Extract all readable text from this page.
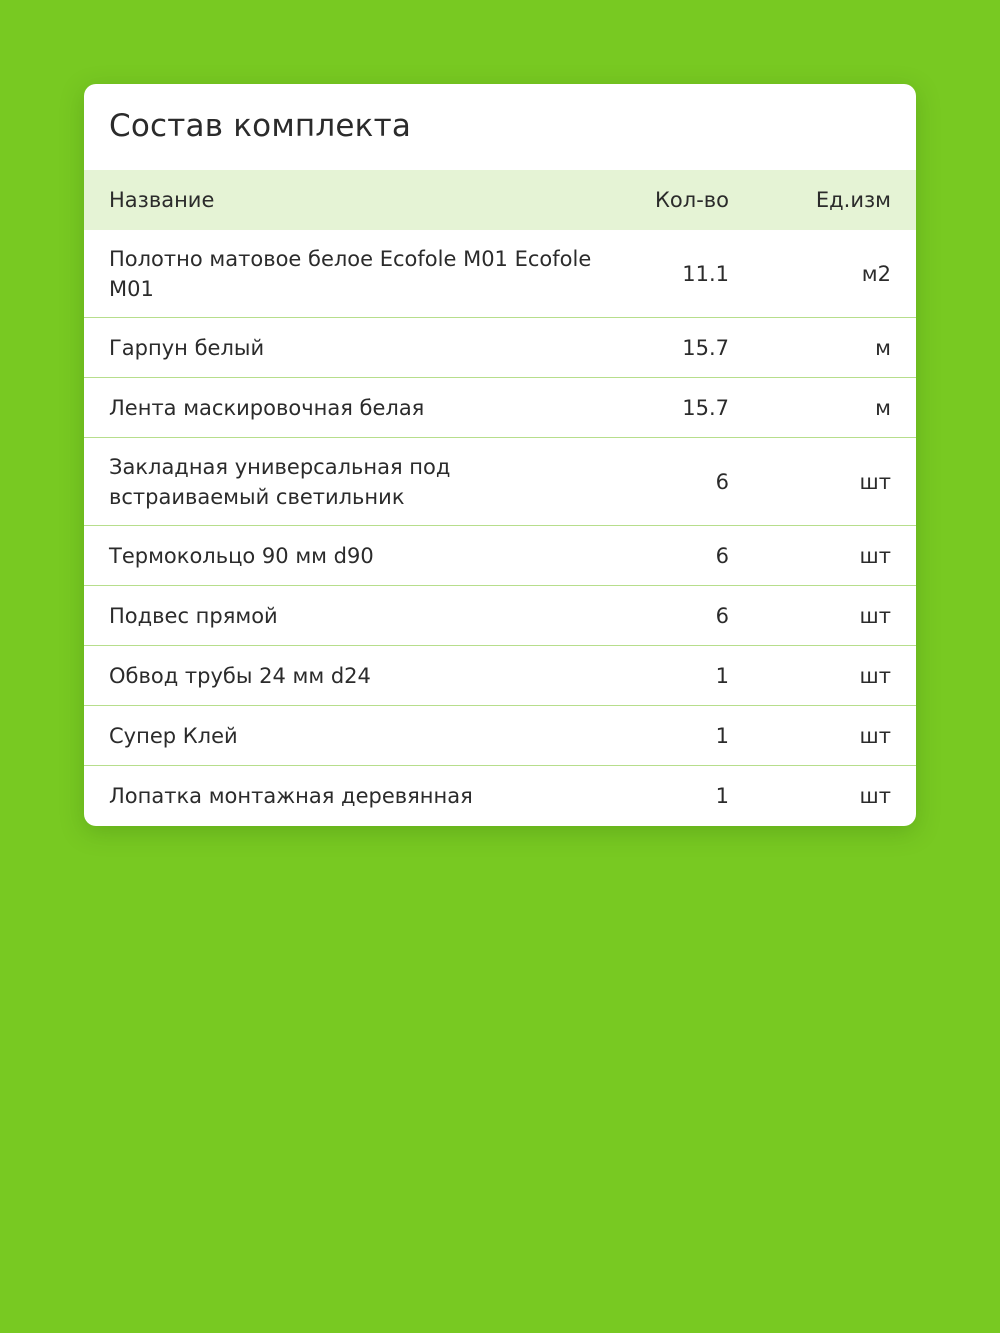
Состав комплекта
Название	Кол-во	Ед.изм
Полотно матовое белое Ecofole M01 Ecofole M01	11.1	м2
Гарпун белый	15.7	м
Лента маскировочная белая	15.7	м
Закладная универсальная под встраиваемый светильник	6	шт
Термокольцо 90 мм d90	6	шт
Подвес прямой	6	шт
Обвод трубы 24 мм d24	1	шт
Супер Клей	1	шт
Лопатка монтажная деревянная	1	шт
